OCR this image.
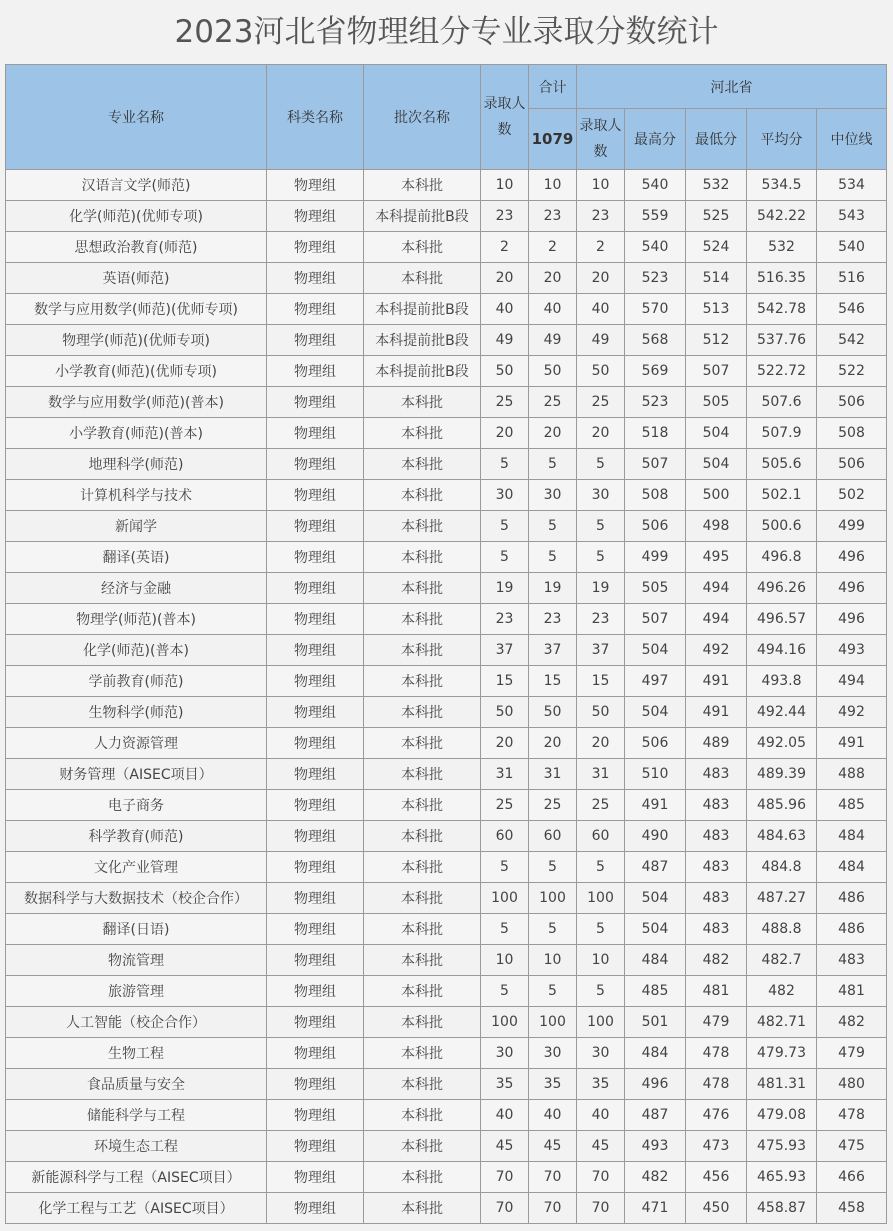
2023河北省物理组分专业录取分数统计
专业名称	科类名称	批次名称	录取人数	合计	河北省				
				1079	录取人数	最高分	最低分	平均分	中位线
汉语言文学(师范)	物理组	本科批	10	10	10	540	532	534.5	534
化学(师范)(优师专项)	物理组	本科提前批B段	23	23	23	559	525	542.22	543
思想政治教育(师范)	物理组	本科批	2	2	2	540	524	532	540
英语(师范)	物理组	本科批	20	20	20	523	514	516.35	516
数学与应用数学(师范)(优师专项)	物理组	本科提前批B段	40	40	40	570	513	542.78	546
物理学(师范)(优师专项)	物理组	本科提前批B段	49	49	49	568	512	537.76	542
小学教育(师范)(优师专项)	物理组	本科提前批B段	50	50	50	569	507	522.72	522
数学与应用数学(师范)(普本)	物理组	本科批	25	25	25	523	505	507.6	506
小学教育(师范)(普本)	物理组	本科批	20	20	20	518	504	507.9	508
地理科学(师范)	物理组	本科批	5	5	5	507	504	505.6	506
计算机科学与技术	物理组	本科批	30	30	30	508	500	502.1	502
新闻学	物理组	本科批	5	5	5	506	498	500.6	499
翻译(英语)	物理组	本科批	5	5	5	499	495	496.8	496
经济与金融	物理组	本科批	19	19	19	505	494	496.26	496
物理学(师范)(普本)	物理组	本科批	23	23	23	507	494	496.57	496
化学(师范)(普本)	物理组	本科批	37	37	37	504	492	494.16	493
学前教育(师范)	物理组	本科批	15	15	15	497	491	493.8	494
生物科学(师范)	物理组	本科批	50	50	50	504	491	492.44	492
人力资源管理	物理组	本科批	20	20	20	506	489	492.05	491
财务管理（AISEC项目）	物理组	本科批	31	31	31	510	483	489.39	488
电子商务	物理组	本科批	25	25	25	491	483	485.96	485
科学教育(师范)	物理组	本科批	60	60	60	490	483	484.63	484
文化产业管理	物理组	本科批	5	5	5	487	483	484.8	484
数据科学与大数据技术（校企合作）	物理组	本科批	100	100	100	504	483	487.27	486
翻译(日语)	物理组	本科批	5	5	5	504	483	488.8	486
物流管理	物理组	本科批	10	10	10	484	482	482.7	483
旅游管理	物理组	本科批	5	5	5	485	481	482	481
人工智能（校企合作）	物理组	本科批	100	100	100	501	479	482.71	482
生物工程	物理组	本科批	30	30	30	484	478	479.73	479
食品质量与安全	物理组	本科批	35	35	35	496	478	481.31	480
储能科学与工程	物理组	本科批	40	40	40	487	476	479.08	478
环境生态工程	物理组	本科批	45	45	45	493	473	475.93	475
新能源科学与工程（AISEC项目）	物理组	本科批	70	70	70	482	456	465.93	466
化学工程与工艺（AISEC项目）	物理组	本科批	70	70	70	471	450	458.87	458
